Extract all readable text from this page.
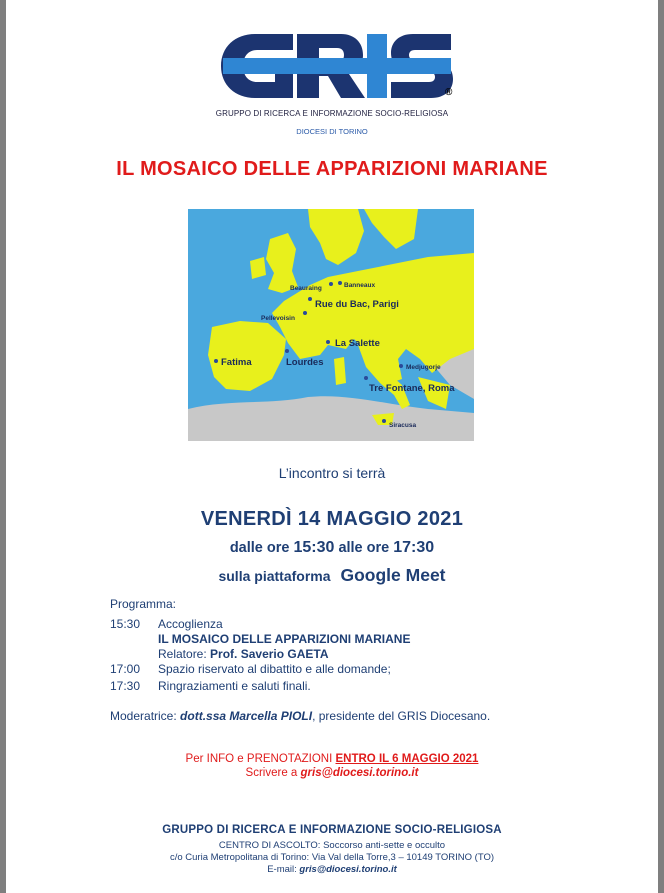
®
GRUPPO DI RICERCA E INFORMAZIONE SOCIO-RELIGIOSA
DIOCESI DI TORINO
IL MOSAICO DELLE APPARIZIONI MARIANE
Beauraing	Banneaux
Rue du Bac, Parigi
Pellevoisin
La Salette
Fatima	Lourdes	Medjugorje
Tre Fontane, Roma
Siracusa
L’incontro si terrà
VENERDÌ 14 MAGGIO 2021
dalle ore 15:30 alle ore 17:30
sulla piattaforma Google Meet
Programma:
15:30 Accoglienza
IL MOSAICO DELLE APPARIZIONI MARIANE
Relatore: Prof. Saverio GAETA
17:00 Spazio riservato al dibattito e alle domande;
17:30 Ringraziamenti e saluti finali.
Moderatrice: dott.ssa Marcella PIOLI, presidente del GRIS Diocesano.
Per INFO e PRENOTAZIONI ENTRO IL 6 MAGGIO 2021
Scrivere a gris@diocesi.torino.it
GRUPPO DI RICERCA E INFORMAZIONE SOCIO-RELIGIOSA
CENTRO DI ASCOLTO: Soccorso anti-sette e occulto
c/o Curia Metropolitana di Torino: Via Val della Torre,3 – 10149 TORINO (TO)
E-mail: gris@diocesi.torino.it
